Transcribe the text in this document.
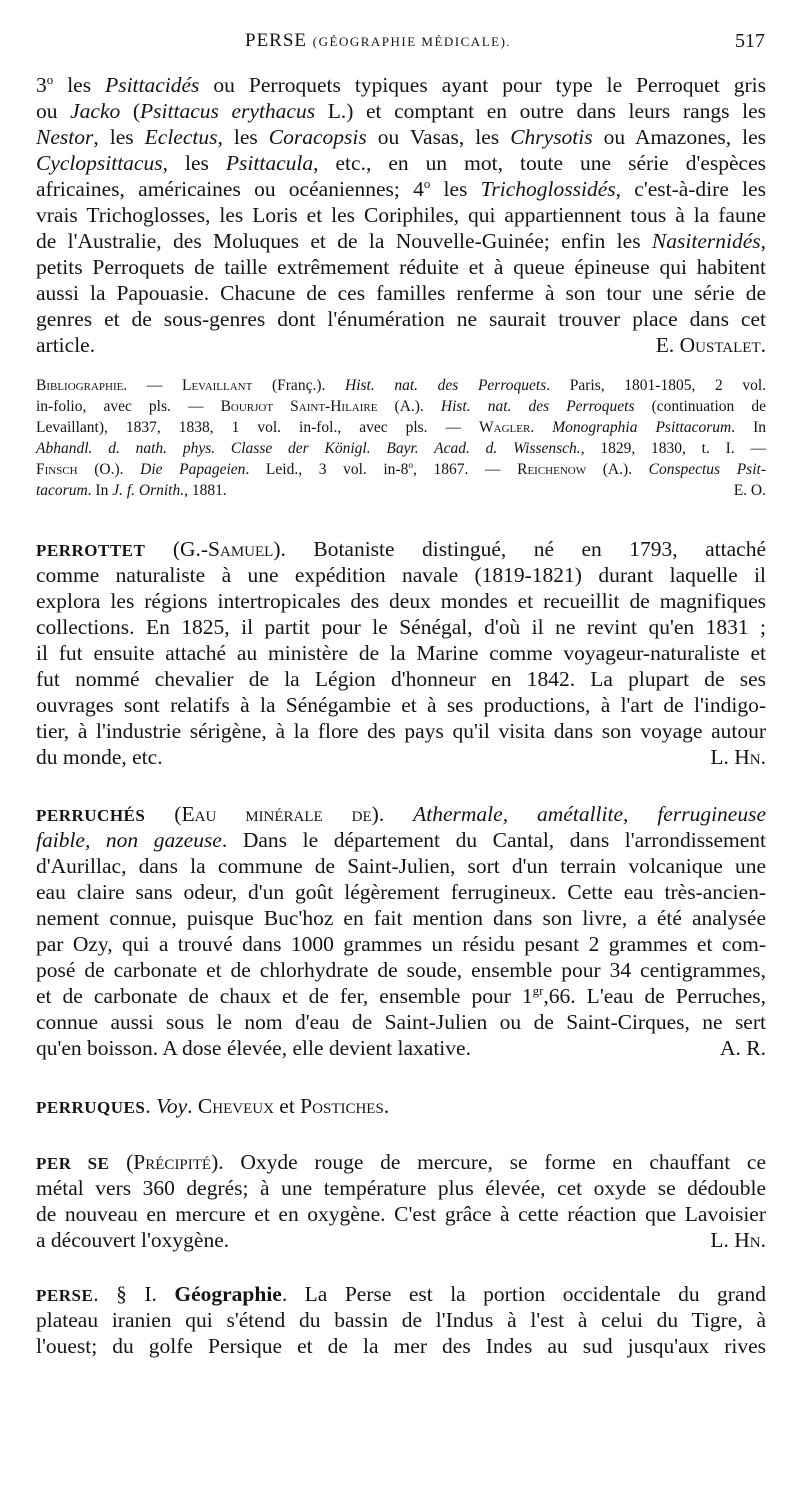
PERSE (GÉOGRAPHIE MÉDICALE).	517
3$^o$ les Psittacidés ou Perroquets typiques ayant pour type le Perroquet gris
ou Jacko (Psittacus erythacus L.) et comptant en outre dans leurs rangs les
Nestor, les Eclectus, les Coracopsis ou Vasas, les Chrysotis ou Amazones, les
Cyclopsittacus, les Psittacula, etc., en un mot, toute une série d'espèces
africaines, américaines ou océaniennes; 4$^o$ les Trichoglossidés, c'est-à-dire les
vrais Trichoglosses, les Loris et les Coriphiles, qui appartiennent tous à la faune
de l'Australie, des Moluques et de la Nouvelle-Guinée; enfin les Nasiternidés,
petits Perroquets de taille extrêmement réduite et à queue épineuse qui habitent
aussi la Papouasie. Chacune de ces familles renferme à son tour une série de
genres et de sous-genres dont l'énumération ne saurait trouver place dans cet
article.	E. Oustalet.
Bibliographie. — Levaillant (Franç.). Hist. nat. des Perroquets. Paris, 1801-1805, 2 vol.
in-folio, avec pls. — Bourjot Saint-Hilaire (A.). Hist. nat. des Perroquets (continuation de
Levaillant), 1837, 1838, 1 vol. in-fol., avec pls. — Wagler. Monographia Psittacorum. In
Abhandl. d. nath. phys. Classe der Königl. Bayr. Acad. d. Wissensch., 1829, 1830, t. I. —
Finsch (O.). Die Papageien. Leid., 3 vol. in-8$^o$, 1867. — Reichenow (A.). Conspectus Psit-
tacorum. In J. f. Ornith., 1881.	E. O.
PERROTTET (G.-Samuel). Botaniste distingué, né en 1793, attaché
comme naturaliste à une expédition navale (1819-1821) durant laquelle il
explora les régions intertropicales des deux mondes et recueillit de magnifiques
collections. En 1825, il partit pour le Sénégal, d'où il ne revint qu'en 1831 ;
il fut ensuite attaché au ministère de la Marine comme voyageur-naturaliste et
fut nommé chevalier de la Légion d'honneur en 1842. La plupart de ses
ouvrages sont relatifs à la Sénégambie et à ses productions, à l'art de l'indigo-
tier, à l'industrie sérigène, à la flore des pays qu'il visita dans son voyage autour
du monde, etc.	L. Hn.
PERRUCHÉS (Eau minérale de). Athermale, amétallite, ferrugineuse
faible, non gazeuse. Dans le département du Cantal, dans l'arrondissement
d'Aurillac, dans la commune de Saint-Julien, sort d'un terrain volcanique une
eau claire sans odeur, d'un goût légèrement ferrugineux. Cette eau très-ancien-
nement connue, puisque Buc'hoz en fait mention dans son livre, a été analysée
par Ozy, qui a trouvé dans 1000 grammes un résidu pesant 2 grammes et com-
posé de carbonate et de chlorhydrate de soude, ensemble pour 34 centigrammes,
et de carbonate de chaux et de fer, ensemble pour $1^{gr},66$. L'eau de Perruches,
connue aussi sous le nom d'eau de Saint-Julien ou de Saint-Cirques, ne sert
qu'en boisson. A dose élevée, elle devient laxative.	A. R.
PERRUQUES. Voy. Cheveux et Postiches.
PER SE (Précipité). Oxyde rouge de mercure, se forme en chauffant ce
métal vers 360 degrés; à une température plus élevée, cet oxyde se dédouble
de nouveau en mercure et en oxygène. C'est grâce à cette réaction que Lavoisier
a découvert l'oxygène.	L. Hn.
PERSE. § I. Géographie. La Perse est la portion occidentale du grand
plateau iranien qui s'étend du bassin de l'Indus à l'est à celui du Tigre, à
l'ouest; du golfe Persique et de la mer des Indes au sud jusqu'aux rives
